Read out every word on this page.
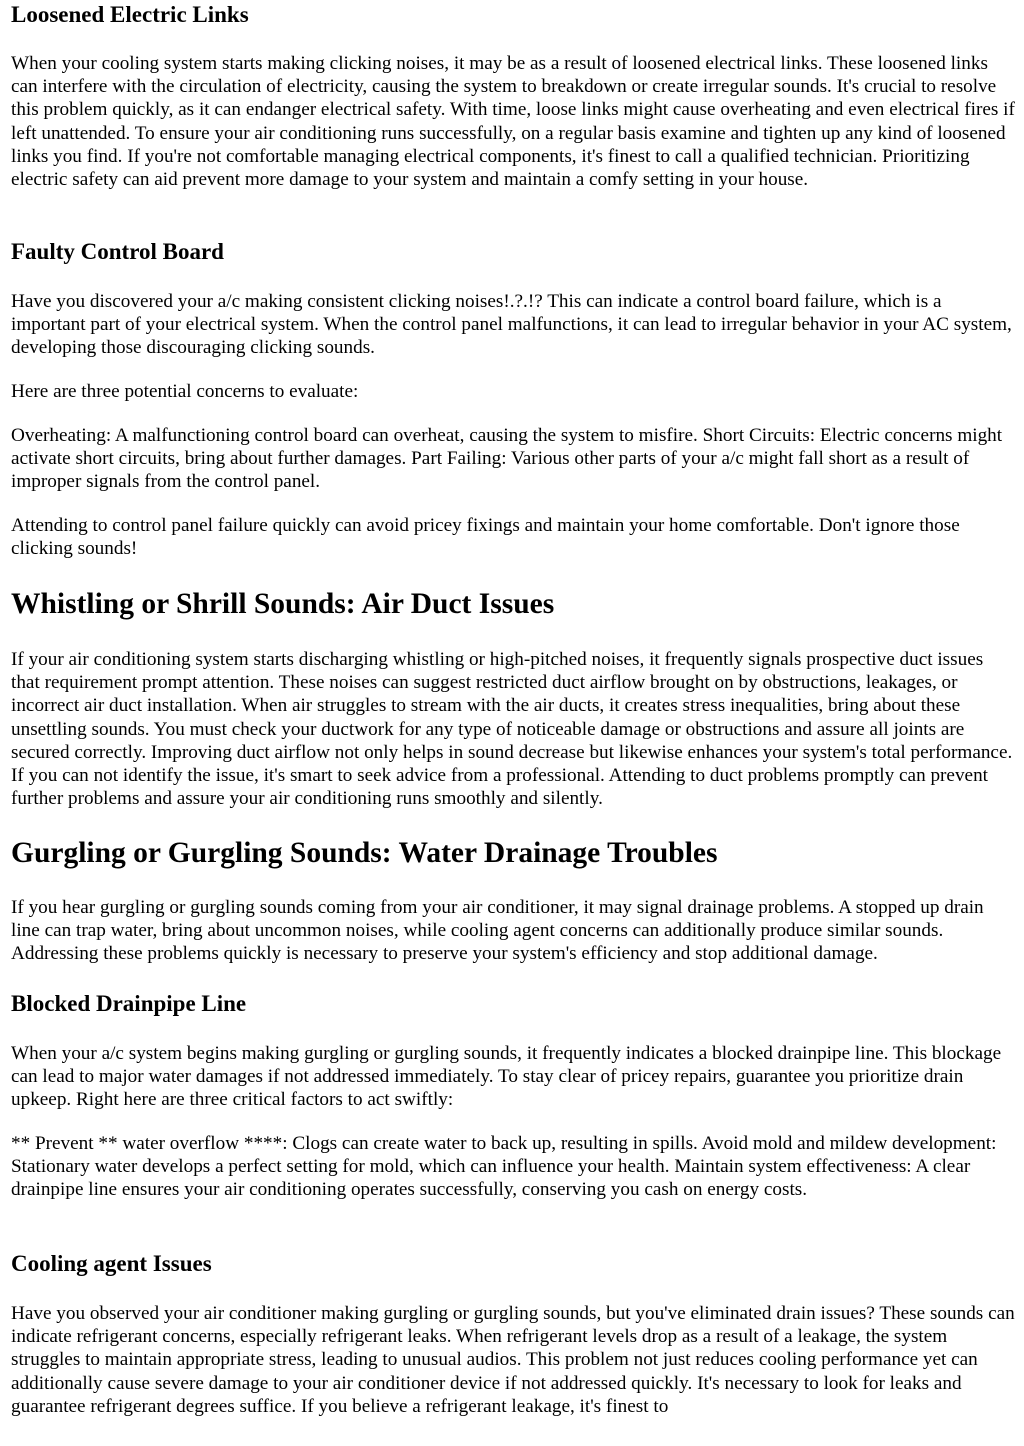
Loosened Electric Links

When your cooling system starts making clicking noises, it may be as a result of loosened electrical links. These loosened links can interfere with the circulation of electricity, causing the system to breakdown or create irregular sounds. It's crucial to resolve this problem quickly, as it can endanger electrical safety. With time, loose links might cause overheating and even electrical fires if left unattended. To ensure your air conditioning runs successfully, on a regular basis examine and tighten up any kind of loosened links you find. If you're not comfortable managing electrical components, it's finest to call a qualified technician. Prioritizing electric safety can aid prevent more damage to your system and maintain a comfy setting in your house.

Faulty Control Board

Have you discovered your a/c making consistent clicking noises!.?.!? This can indicate a control board failure, which is a important part of your electrical system. When the control panel malfunctions, it can lead to irregular behavior in your AC system, developing those discouraging clicking sounds.

Here are three potential concerns to evaluate:

Overheating: A malfunctioning control board can overheat, causing the system to misfire. Short Circuits: Electric concerns might activate short circuits, bring about further damages. Part Failing: Various other parts of your a/c might fall short as a result of improper signals from the control panel.

Attending to control panel failure quickly can avoid pricey fixings and maintain your home comfortable. Don't ignore those clicking sounds!

Whistling or Shrill Sounds: Air Duct Issues

If your air conditioning system starts discharging whistling or high-pitched noises, it frequently signals prospective duct issues that requirement prompt attention. These noises can suggest restricted duct airflow brought on by obstructions, leakages, or incorrect air duct installation. When air struggles to stream with the air ducts, it creates stress inequalities, bring about these unsettling sounds. You must check your ductwork for any type of noticeable damage or obstructions and assure all joints are secured correctly. Improving duct airflow not only helps in sound decrease but likewise enhances your system's total performance. If you can not identify the issue, it's smart to seek advice from a professional. Attending to duct problems promptly can prevent further problems and assure your air conditioning runs smoothly and silently.

Gurgling or Gurgling Sounds: Water Drainage Troubles

If you hear gurgling or gurgling sounds coming from your air conditioner, it may signal drainage problems. A stopped up drain line can trap water, bring about uncommon noises, while cooling agent concerns can additionally produce similar sounds. Addressing these problems quickly is necessary to preserve your system's efficiency and stop additional damage.

Blocked Drainpipe Line

When your a/c system begins making gurgling or gurgling sounds, it frequently indicates a blocked drainpipe line. This blockage can lead to major water damages if not addressed immediately. To stay clear of pricey repairs, guarantee you prioritize drain upkeep. Right here are three critical factors to act swiftly:

** Prevent ** water overflow ****: Clogs can create water to back up, resulting in spills. Avoid mold and mildew development: Stationary water develops a perfect setting for mold, which can influence your health. Maintain system effectiveness: A clear drainpipe line ensures your air conditioning operates successfully, conserving you cash on energy costs.

Cooling agent Issues

Have you observed your air conditioner making gurgling or gurgling sounds, but you've eliminated drain issues? These sounds can indicate refrigerant concerns, especially refrigerant leaks. When refrigerant levels drop as a result of a leakage, the system struggles to maintain appropriate stress, leading to unusual audios. This problem not just reduces cooling performance yet can additionally cause severe damage to your air conditioner device if not addressed quickly. It's necessary to look for leaks and guarantee refrigerant degrees suffice. If you believe a refrigerant leakage, it's finest to
